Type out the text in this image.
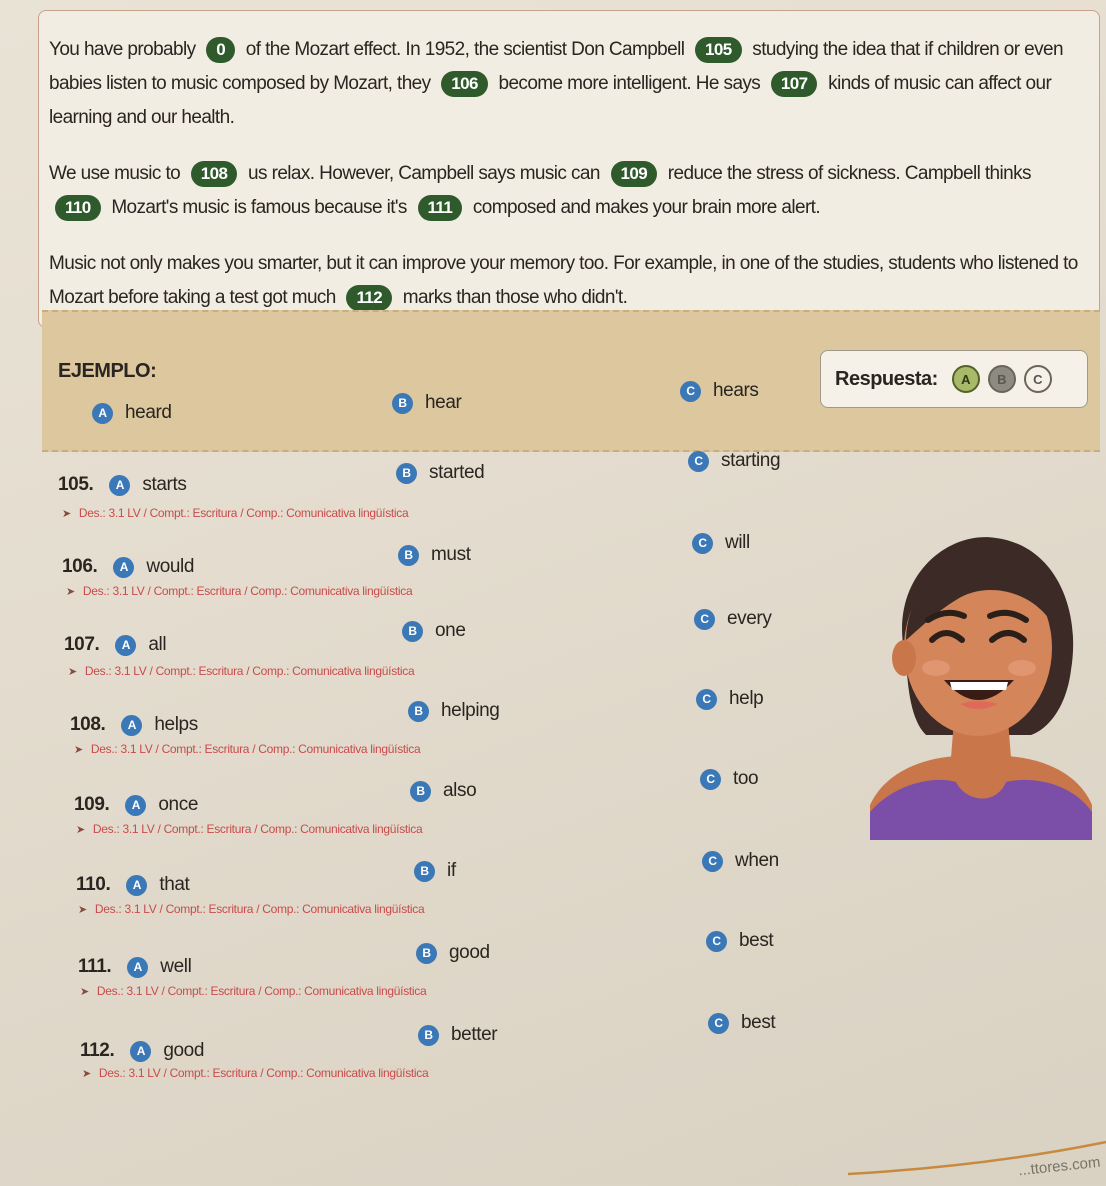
You have probably 0 of the Mozart effect. In 1952, the scientist Don Campbell 105 studying the idea that if children or even babies listen to music composed by Mozart, they 106 become more intelligent. He says 107 kinds of music can affect our learning and our health.

We use music to 108 us relax. However, Campbell says music can 109 reduce the stress of sickness. Campbell thinks 110 Mozart's music is famous because it's 111 composed and makes your brain more alert.

Music not only makes you smarter, but it can improve your memory too. For example, in one of the studies, students who listened to Mozart before taking a test got much 112 marks than those who didn't.

EJEMPLO:
A heard	B hear
C hears
Respuesta:	A	B	C
105.	A starts
B started
C starting
➤ Des.: 3.1 LV / Compt.: Escritura / Comp.: Comunicativa lingüística
106.	A would
B must
C will
➤ Des.: 3.1 LV / Compt.: Escritura / Comp.: Comunicativa lingüística
107.	A all
B one
C every
➤ Des.: 3.1 LV / Compt.: Escritura / Comp.: Comunicativa lingüística
108.	A helps
B helping
C help
➤ Des.: 3.1 LV / Compt.: Escritura / Comp.: Comunicativa lingüística
109.	A once
B also
C too
➤ Des.: 3.1 LV / Compt.: Escritura / Comp.: Comunicativa lingüística
110.	A that
B if	C when
➤ Des.: 3.1 LV / Compt.: Escritura / Comp.: Comunicativa lingüística
111.	A well
B good
C best
➤ Des.: 3.1 LV / Compt.: Escritura / Comp.: Comunicativa lingüística
112.	A good
B better
C best
➤ Des.: 3.1 LV / Compt.: Escritura / Comp.: Comunicativa lingüística
...ttores.com
